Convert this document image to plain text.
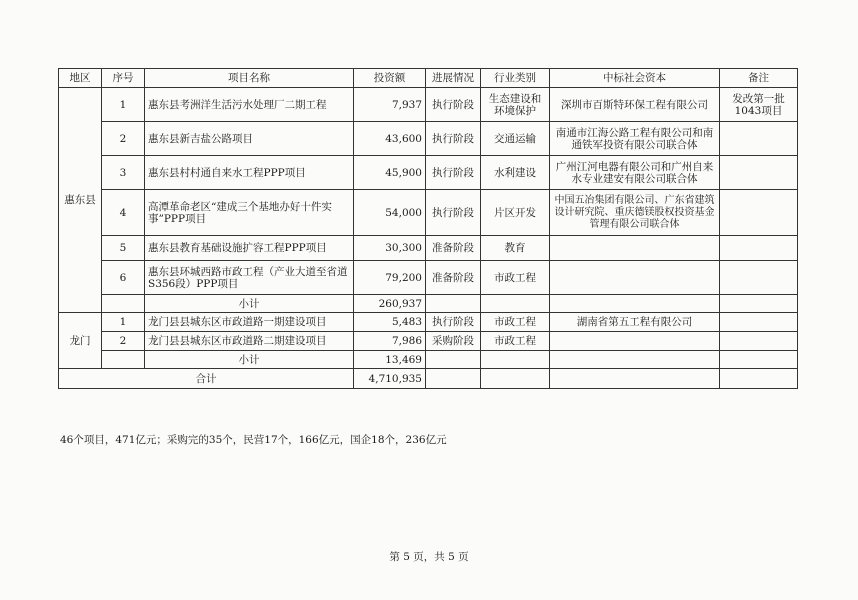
地区	序号	项目名称	投资额	进展情况	行业类别	中标社会资本	备注
惠东县	1	惠东县考洲洋生活污水处理厂二期工程	7,937	执行阶段	生态建设和环境保护	深圳市百斯特环保工程有限公司	发改第一批1043项目
	2	惠东县新吉盐公路项目	43,600	执行阶段	交通运输	南通市江海公路工程有限公司和南通铁军投资有限公司联合体	
	3	惠东县村村通自来水工程PPP项目	45,900	执行阶段	水利建设	广州江河电器有限公司和广州自来水专业建安有限公司联合体	
	4	高潭革命老区“建成三个基地办好十件实事”PPP项目	54,000	执行阶段	片区开发	中国五冶集团有限公司、广东省建筑设计研究院、重庆德镁股权投资基金管理有限公司联合体	
	5	惠东县教育基础设施扩容工程PPP项目	30,300	准备阶段	教育		
	6	惠东县环城西路市政工程（产业大道至省道S356段）PPP项目	79,200	准备阶段	市政工程		
		小计	260,937				
龙门	1	龙门县县城东区市政道路一期建设项目	5,483	执行阶段	市政工程	湖南省第五工程有限公司	
	2	龙门县县城东区市政道路二期建设项目	7,986	采购阶段	市政工程		
		小计	13,469				
合计			4,710,935				
46个项目，471亿元；采购完的35个，民营17个，166亿元，国企18个，236亿元
第 5 页，共 5 页
